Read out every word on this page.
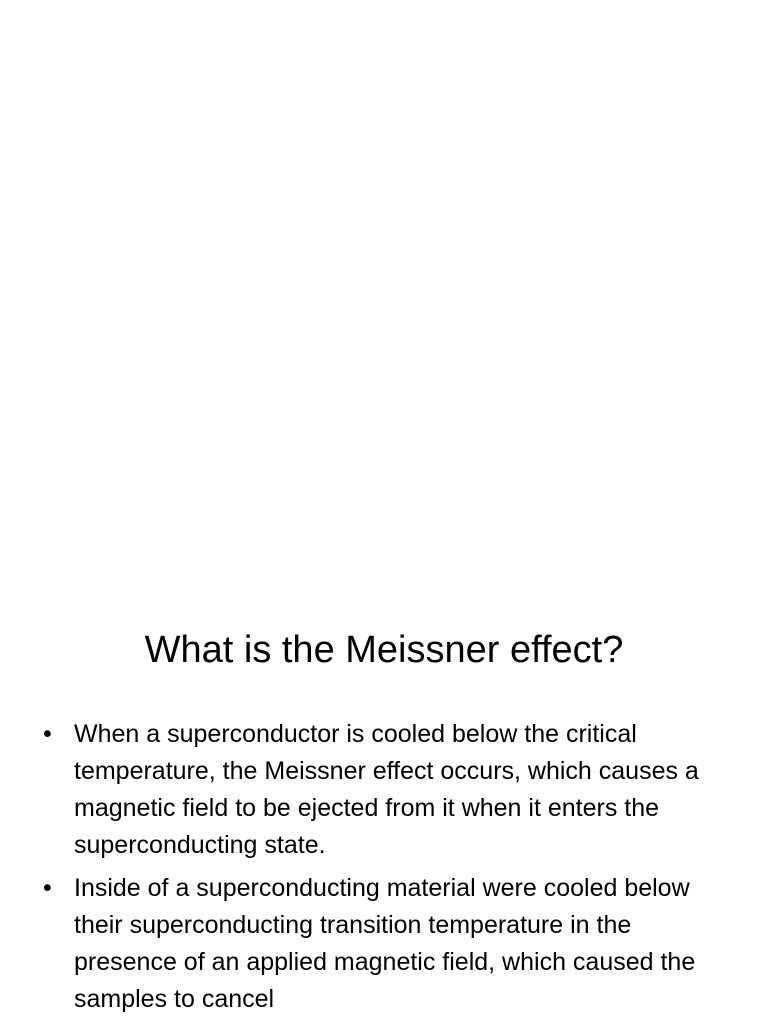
What is the Meissner effect?
• When a superconductor is cooled below the critical temperature, the Meissner effect occurs, which causes a magnetic field to be ejected from it when it enters the superconducting state.
• Inside of a superconducting material were cooled below their superconducting transition temperature in the presence of an applied magnetic field, which caused the samples to cancel
